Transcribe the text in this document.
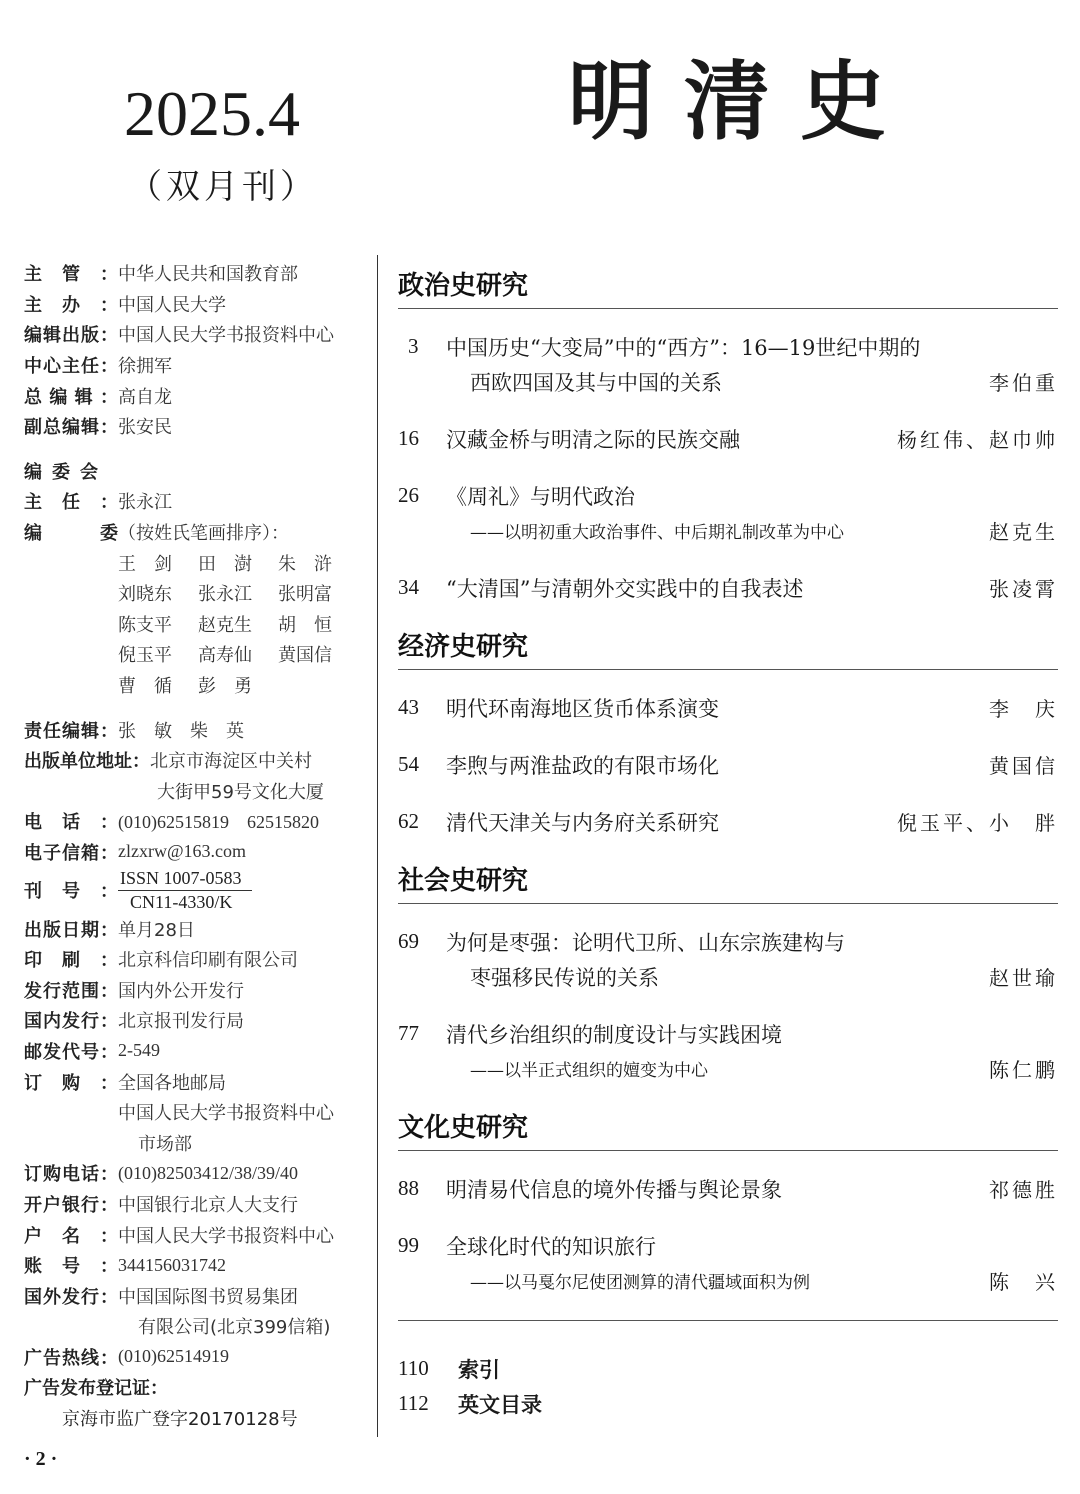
2025.4
（双月刊）
明清史
主管： 中华人民共和国教育部
主办： 中国人民大学
编辑出版： 中国人民大学书报资料中心
中心主任： 徐拥军
总编辑： 高自龙
副总编辑： 张安民
编委会
主任： 张永江
编委 （按姓氏笔画排序）：
王　剑	田　澍	朱　浒
刘晓东	张永江	张明富
陈支平	赵克生	胡　恒
倪玉平	高寿仙	黄国信
曹　循	彭　勇
责任编辑： 张　敏　柴　英
出版单位地址： 北京市海淀区中关村
大街甲59号文化大厦
电话： (010)62515819　62515820
电子信箱： zlzxrw@163.com
刊号：
ISSN 1007-0583
CN11-4330/K
出版日期： 单月28日
印刷： 北京科信印刷有限公司
发行范围： 国内外公开发行
国内发行： 北京报刊发行局
邮发代号： 2-549
订购： 全国各地邮局
中国人民大学书报资料中心
市场部
订购电话： (010)82503412/38/39/40
开户银行： 中国银行北京人大支行
户名： 中国人民大学书报资料中心
账号： 344156031742
国外发行： 中国国际图书贸易集团
有限公司(北京399信箱)
广告热线： (010)62514919
广告发布登记证：
京海市监广登字20170128号
· 2 ·
政治史研究
3	中国历史“大变局”中的“西方”：16—19世纪中期的
西欧四国及其与中国的关系	李伯重
16	汉藏金桥与明清之际的民族交融	杨红伟、赵巾帅
26	《周礼》与明代政治
——以明初重大政治事件、中后期礼制改革为中心	赵克生
34	“大清国”与清朝外交实践中的自我表述	张凌霄
经济史研究
43	明代环南海地区货币体系演变	李　庆
54	李煦与两淮盐政的有限市场化	黄国信
62	清代天津关与内务府关系研究	倪玉平、小　胖
社会史研究
69	为何是枣强：论明代卫所、山东宗族建构与
枣强移民传说的关系	赵世瑜
77	清代乡治组织的制度设计与实践困境
——以半正式组织的嬗变为中心	陈仁鹏
文化史研究
88	明清易代信息的境外传播与舆论景象	祁德胜
99	全球化时代的知识旅行
——以马戛尔尼使团测算的清代疆域面积为例	陈　兴
110	索引
112	英文目录
